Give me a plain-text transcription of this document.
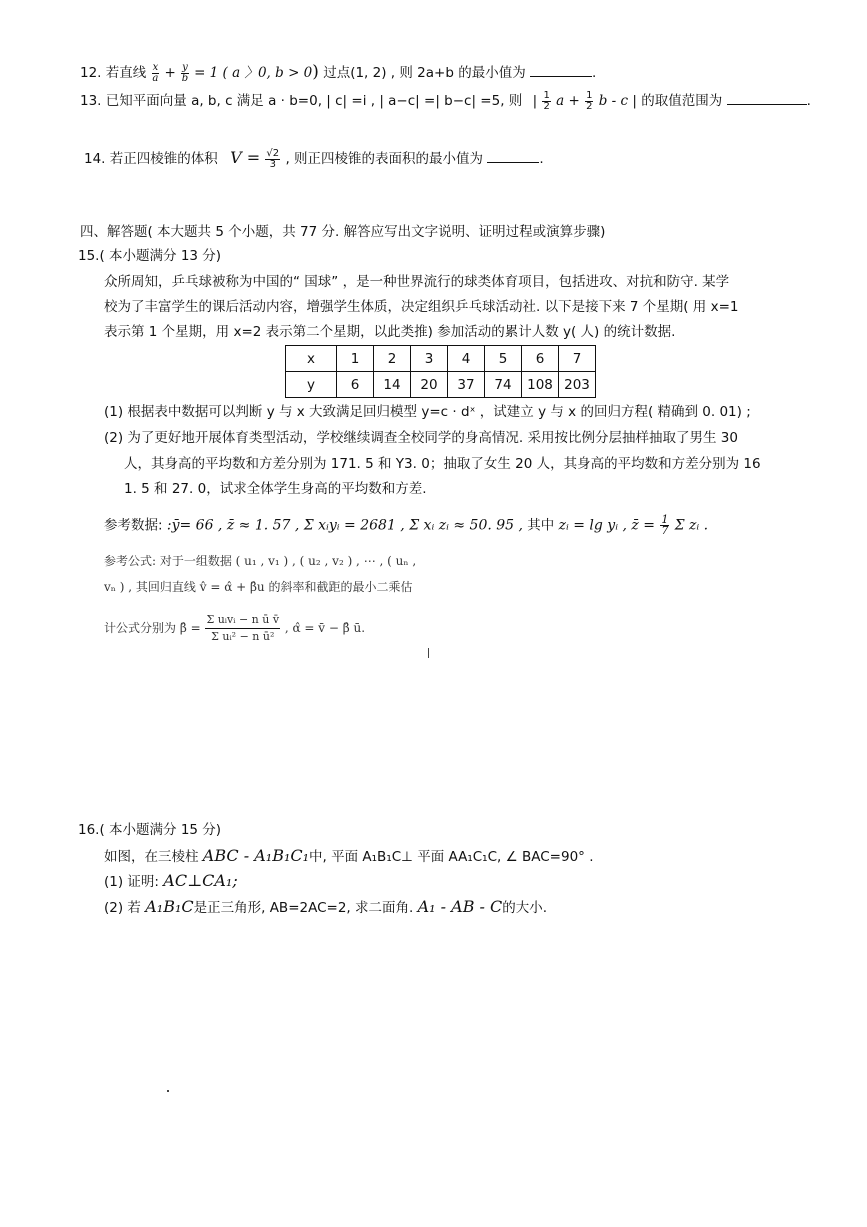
12. 若直线 $\frac{x}{a} + \frac{y}{b} = 1$ ( a 〉0, b > 0) 过点(1, 2) , 则 2a+b 的最小值为	.
13. 已知平面向量 a, b, c 满足 a · b=0, | c| =i , | a−c| =| b−c| =5, 则 | $\frac{1}{2}$ $a + \frac{1}{2}$ b - c | 的取值范围为	.
14. 若正四棱锥的体积 $V = \frac{√2}{3}$ , 则正四棱锥的表面积的最小值为	.
四、解答题( 本大题共 5 个小题，共 77 分. 解答应写出文字说明、证明过程或演算步骤)
15.( 本小题满分 13 分)
众所周知，乒乓球被称为中国的“ 国球” ，是一种世界流行的球类体育项目，包括进攻、对抗和防守. 某学
校为了丰富学生的课后活动内容，增强学生体质，决定组织乒乓球活动社. 以下是接下来 7 个星期( 用 x=1
表示第 1 个星期，用 x=2 表示第二个星期，以此类推) 参加活动的累计人数 y( 人) 的统计数据.
x	1	2	3	4	5	6	7
y	6	14	20	37	74	108	203
(1) 根据表中数据可以判断 y 与 x 大致满足回归模型 y=c · dˣ ，试建立 y 与 x 的回归方程( 精确到 0. 01) ;
(2) 为了更好地开展体育类型活动，学校继续调查全校同学的身高情况. 采用按比例分层抽样抽取了男生 30
人，其身高的平均数和方差分别为 171. 5 和 Y3. 0；抽取了女生 20 人，其身高的平均数和方差分别为 16
1. 5 和 27. 0，试求全体学生身高的平均数和方差.
参考数据: :ȳ= 66 , z̄ ≈ 1. 57 , Σ xᵢyᵢ = 2681 , Σ xᵢ zᵢ ≈ 50. 95 , 其中 zᵢ = lg yᵢ , z̄ = $\frac{1}{7}$ Σ zᵢ .
参考公式: 对于一组数据 ( u₁ , v₁ ) , ( u₂ , v₂ ) , ⋯ , ( uₙ ,
vₙ ) , 其回归直线 v̂ = α̂ + β̂u 的斜率和截距的最小二乘估
计公式分别为 β̂ = $\frac{\text{Σ uᵢvᵢ − n ū v̄}}{\text{Σ uᵢ² − n ū²}}$ , α̂ = v̄ − β̂ ū.
16.( 本小题满分 15 分)
如图，在三棱柱 ABC - A₁B₁C₁中, 平面 A₁B₁C⊥ 平面 AA₁C₁C, ∠ BAC=90° .
(1) 证明: AC⊥CA₁;
(2) 若 A₁B₁C是正三角形, AB=2AC=2, 求二面角. A₁ - AB - C的大小.
